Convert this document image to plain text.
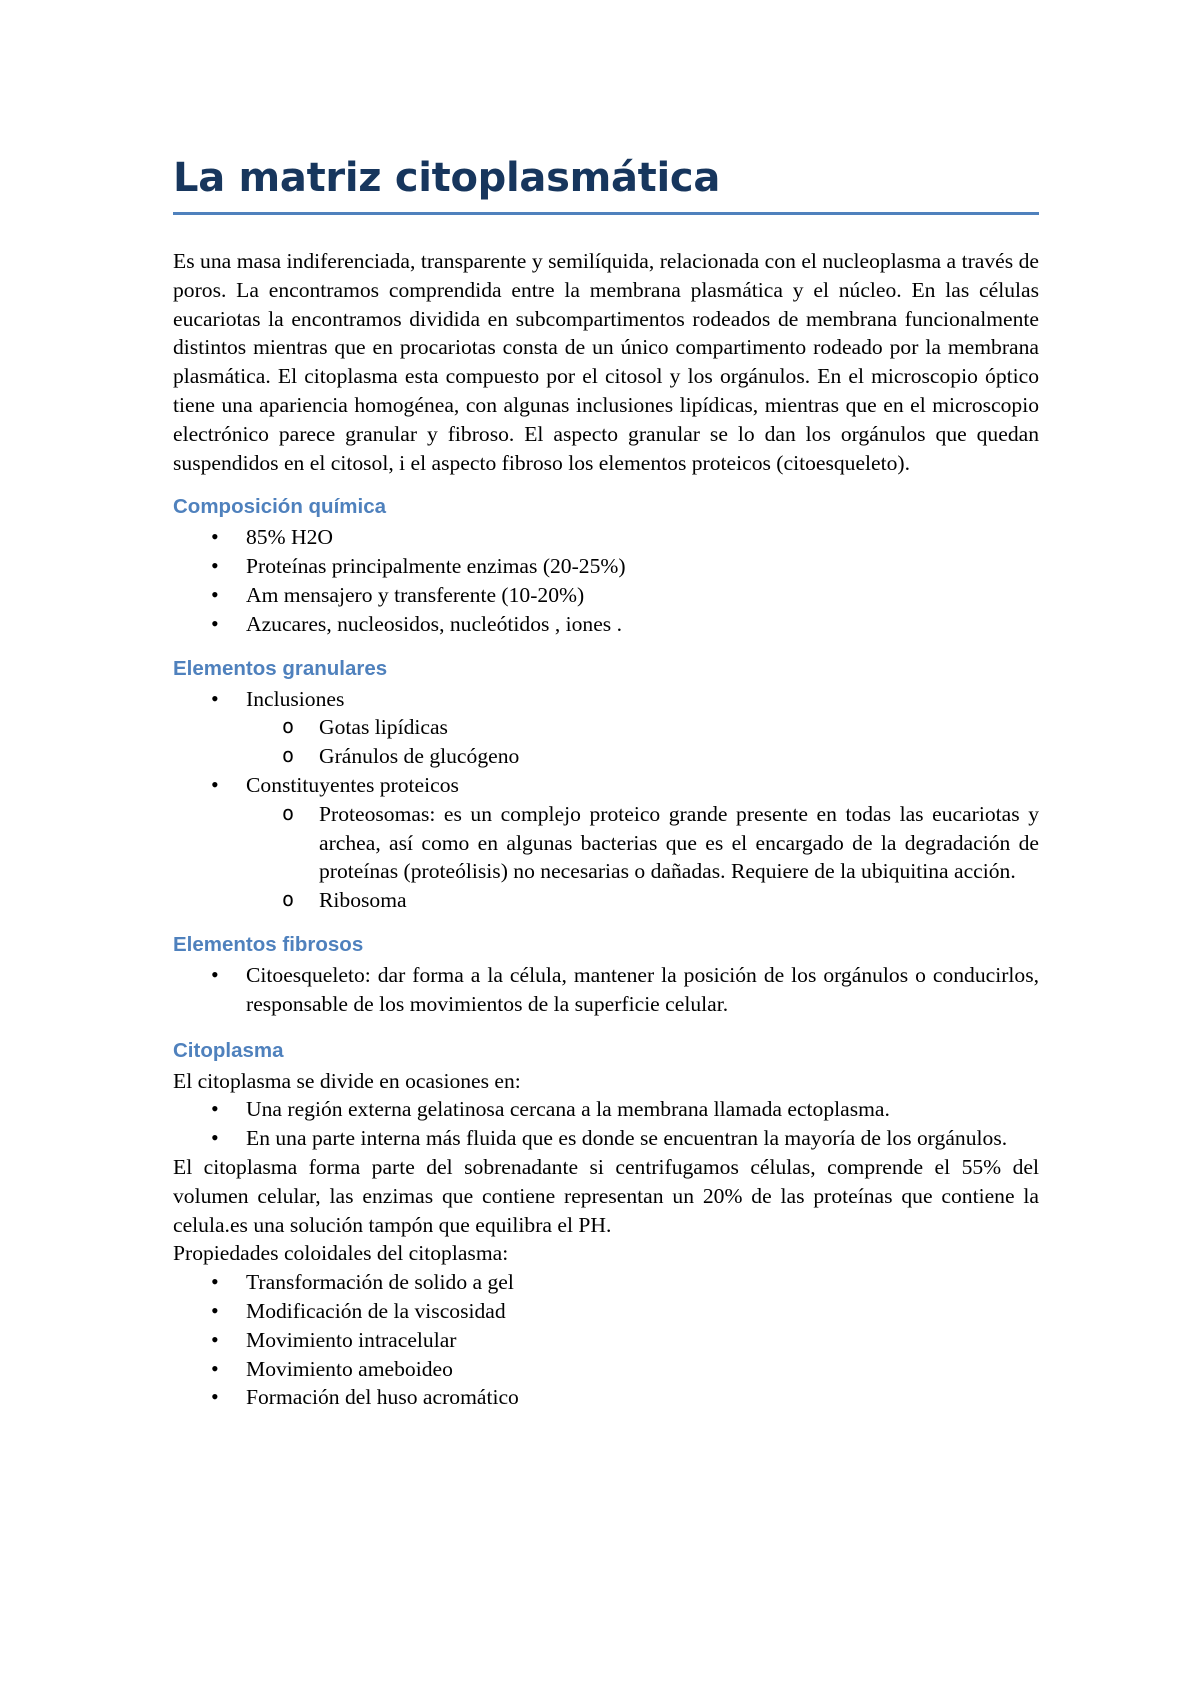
La matriz citoplasmática

Es una masa indiferenciada, transparente y semilíquida, relacionada con el nucleoplasma a través de poros. La encontramos comprendida entre la membrana plasmática y el núcleo. En las células eucariotas la encontramos dividida en subcompartimentos rodeados de membrana funcionalmente distintos mientras que en procariotas consta de un único compartimento rodeado por la membrana plasmática. El citoplasma esta compuesto por el citosol y los orgánulos. En el microscopio óptico tiene una apariencia homogénea, con algunas inclusiones lipídicas, mientras que en el microscopio electrónico parece granular y fibroso. El aspecto granular se lo dan los orgánulos que quedan suspendidos en el citosol, i el aspecto fibroso los elementos proteicos (citoesqueleto).

Composición química
• 85% H2O
• Proteínas principalmente enzimas (20-25%)
• Am mensajero y transferente (10-20%)
• Azucares, nucleosidos, nucleótidos , iones .
Elementos granulares
• Inclusiones
o Gotas lipídicas
o Gránulos de glucógeno
• Constituyentes proteicos
o Proteosomas: es un complejo proteico grande presente en todas las eucariotas y archea, así como en algunas bacterias que es el encargado de la degradación de proteínas (proteólisis) no necesarias o dañadas. Requiere de la ubiquitina acción.
o Ribosoma
Elementos fibrosos
• Citoesqueleto: dar forma a la célula, mantener la posición de los orgánulos o conducirlos, responsable de los movimientos de la superficie celular.
Citoplasma

El citoplasma se divide en ocasiones en:

• Una región externa gelatinosa cercana a la membrana llamada ectoplasma.
• En una parte interna más fluida que es donde se encuentran la mayoría de los orgánulos.

El citoplasma forma parte del sobrenadante si centrifugamos células, comprende el 55% del volumen celular, las enzimas que contiene representan un 20% de las proteínas que contiene la celula.es una solución tampón que equilibra el PH.

Propiedades coloidales del citoplasma:

• Transformación de solido a gel
• Modificación de la viscosidad
• Movimiento intracelular
• Movimiento ameboideo
• Formación del huso acromático
